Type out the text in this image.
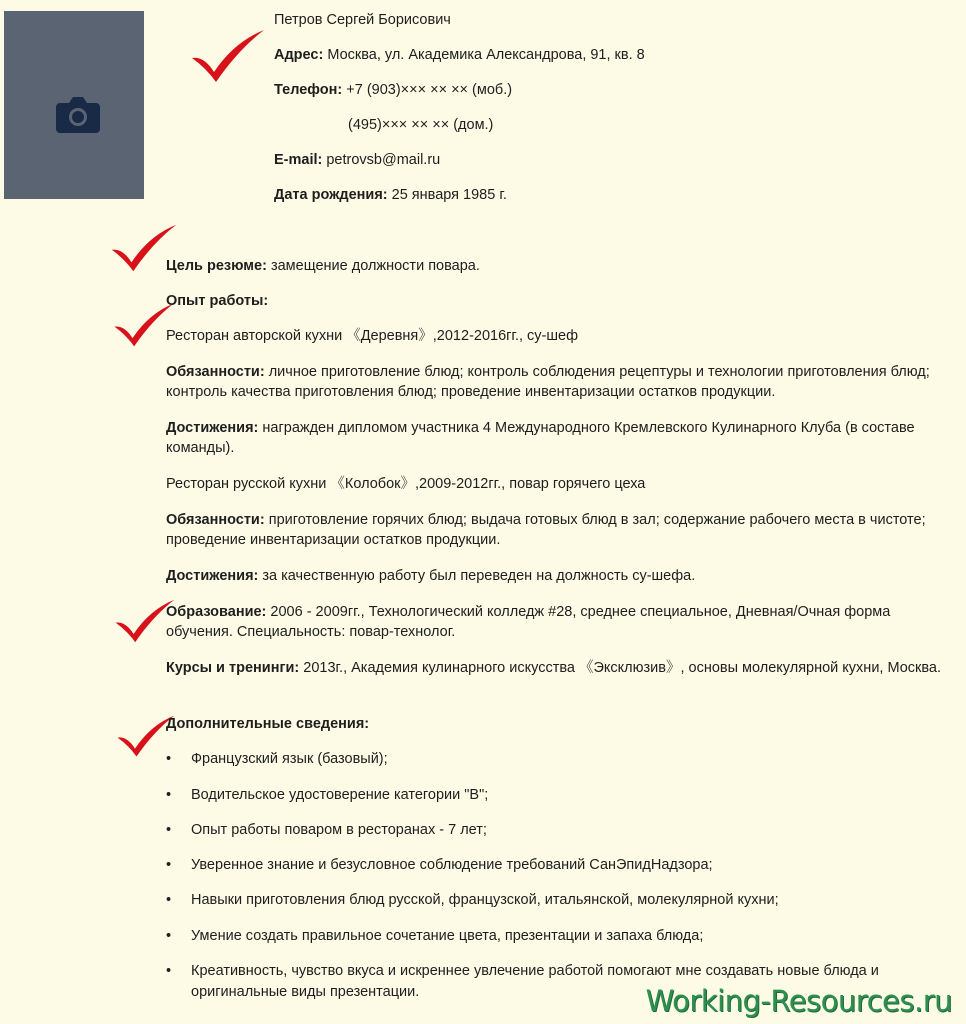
Петров Сергей Борисович
Адрес: Москва, ул. Академика Александрова, 91, кв. 8
Телефон: +7 (903)××× ×× ×× (моб.)
(495)××× ×× ×× (дом.)
E-mail: petrovsb@mail.ru
Дата рождения: 25 января 1985 г.
Цель резюме: замещение должности повара.
Опыт работы:
Ресторан авторской кухни 《Деревня》,2012-2016гг., су-шеф
Обязанности: личное приготовление блюд; контроль соблюдения рецептуры и технологии приготовления блюд; контроль качества приготовления блюд; проведение инвентаризации остатков продукции.
Достижения: награжден дипломом участника 4 Международного Кремлевского Кулинарного Клуба (в составе команды).
Ресторан русской кухни 《Колобок》,2009-2012гг., повар горячего цеха
Обязанности: приготовление горячих блюд; выдача готовых блюд в зал; содержание рабочего места в чистоте; проведение инвентаризации остатков продукции.
Достижения: за качественную работу был переведен на должность су-шефа.
Образование: 2006 - 2009гг., Технологический колледж #28, среднее специальное, Дневная/Очная форма обучения. Специальность: повар-технолог.
Курсы и тренинги: 2013г., Академия кулинарного искусства 《Эксклюзив》, основы молекулярной кухни, Москва.
Дополнительные сведения:
• Французский язык (базовый);
• Водительское удостоверение категории "B";
• Опыт работы поваром в ресторанах - 7 лет;
• Уверенное знание и безусловное соблюдение требований СанЭпидНадзора;
• Навыки приготовления блюд русской, французской, итальянской, молекулярной кухни;
• Умение создать правильное сочетание цвета, презентации и запаха блюда;
• Креативность, чувство вкуса и искреннее увлечение работой помогают мне создавать новые блюда и оригинальные виды презентации.	Working-Resources.ru
